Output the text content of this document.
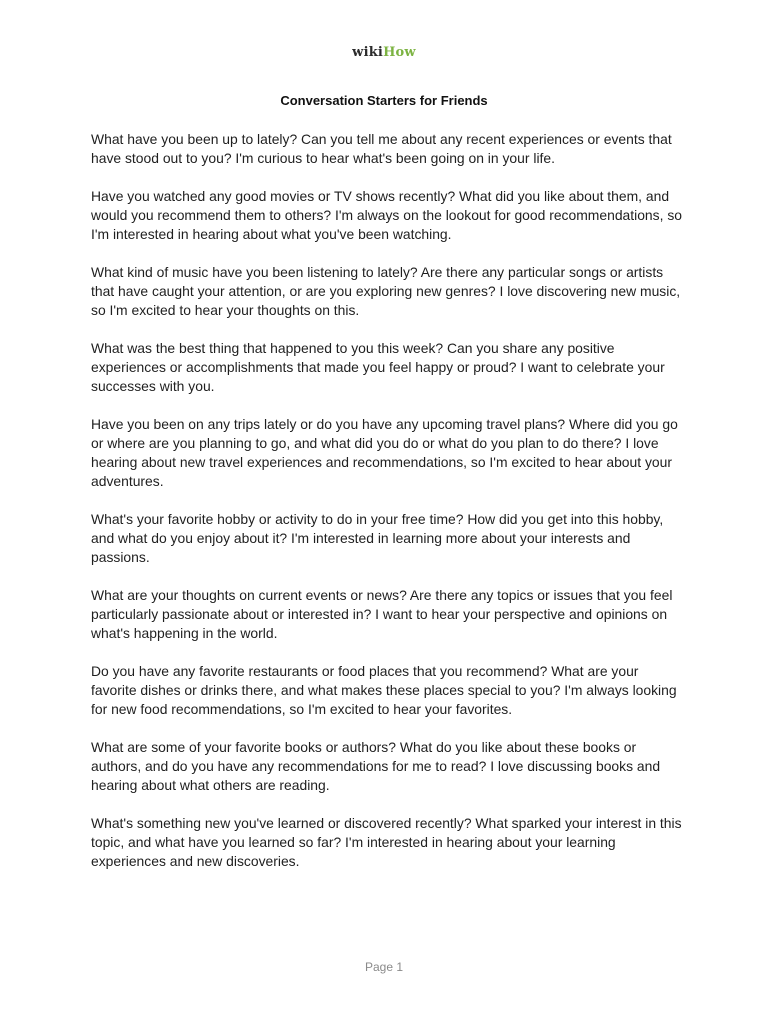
wikiHow
Conversation Starters for Friends

What have you been up to lately? Can you tell me about any recent experiences or events that have stood out to you? I'm curious to hear what's been going on in your life.

Have you watched any good movies or TV shows recently? What did you like about them, and would you recommend them to others? I'm always on the lookout for good recommendations, so I'm interested in hearing about what you've been watching.

What kind of music have you been listening to lately? Are there any particular songs or artists that have caught your attention, or are you exploring new genres? I love discovering new music, so I'm excited to hear your thoughts on this.

What was the best thing that happened to you this week? Can you share any positive experiences or accomplishments that made you feel happy or proud? I want to celebrate your successes with you.

Have you been on any trips lately or do you have any upcoming travel plans? Where did you go or where are you planning to go, and what did you do or what do you plan to do there? I love hearing about new travel experiences and recommendations, so I'm excited to hear about your adventures.

What's your favorite hobby or activity to do in your free time? How did you get into this hobby, and what do you enjoy about it? I'm interested in learning more about your interests and passions.

What are your thoughts on current events or news? Are there any topics or issues that you feel particularly passionate about or interested in? I want to hear your perspective and opinions on what's happening in the world.

Do you have any favorite restaurants or food places that you recommend? What are your favorite dishes or drinks there, and what makes these places special to you? I'm always looking for new food recommendations, so I'm excited to hear your favorites.

What are some of your favorite books or authors? What do you like about these books or authors, and do you have any recommendations for me to read? I love discussing books and hearing about what others are reading.

What's something new you've learned or discovered recently? What sparked your interest in this topic, and what have you learned so far? I'm interested in hearing about your learning experiences and new discoveries.

Page 1
